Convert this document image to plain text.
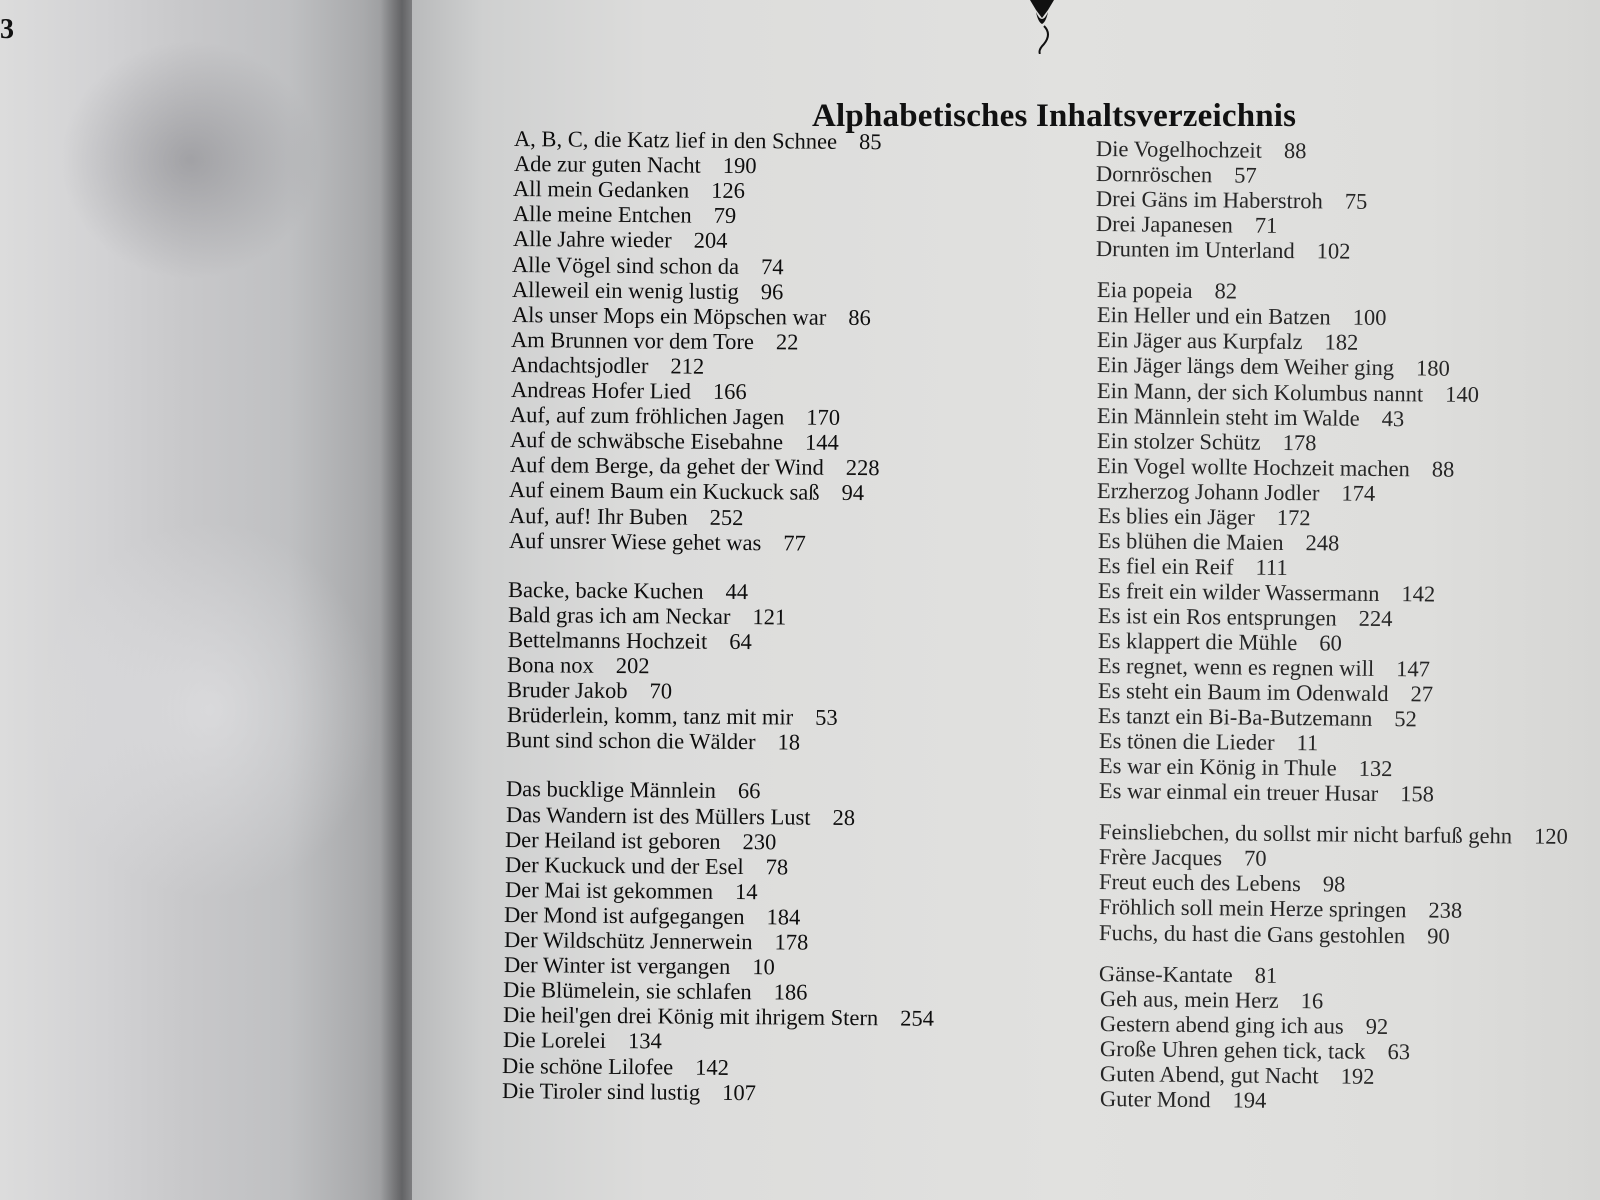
3
Alphabetisches Inhaltsverzeichnis
A, B, C, die Katz lief in den Schnee 85
Ade zur guten Nacht 190
All mein Gedanken 126
Alle meine Entchen 79
Alle Jahre wieder 204
Alle Vögel sind schon da 74
Alleweil ein wenig lustig 96
Als unser Mops ein Möpschen war 86
Am Brunnen vor dem Tore 22
Andachtsjodler 212
Andreas Hofer Lied 166
Auf, auf zum fröhlichen Jagen 170
Auf de schwäbsche Eisebahne 144
Auf dem Berge, da gehet der Wind 228
Auf einem Baum ein Kuckuck saß 94
Auf, auf! Ihr Buben 252
Auf unsrer Wiese gehet was 77
Backe, backe Kuchen 44
Bald gras ich am Neckar 121
Bettelmanns Hochzeit 64
Bona nox 202
Bruder Jakob 70
Brüderlein, komm, tanz mit mir 53
Bunt sind schon die Wälder 18
Das bucklige Männlein 66
Das Wandern ist des Müllers Lust 28
Der Heiland ist geboren 230
Der Kuckuck und der Esel 78
Der Mai ist gekommen 14
Der Mond ist aufgegangen 184
Der Wildschütz Jennerwein 178
Der Winter ist vergangen 10
Die Blümelein, sie schlafen 186
Die heil'gen drei König mit ihrigem Stern 254
Die Lorelei 134
Die schöne Lilofee 142
Die Tiroler sind lustig 107
Die Vogelhochzeit 88
Dornröschen 57
Drei Gäns im Haberstroh 75
Drei Japanesen 71
Drunten im Unterland 102
Eia popeia 82
Ein Heller und ein Batzen 100
Ein Jäger aus Kurpfalz 182
Ein Jäger längs dem Weiher ging 180
Ein Mann, der sich Kolumbus nannt 140
Ein Männlein steht im Walde 43
Ein stolzer Schütz 178
Ein Vogel wollte Hochzeit machen 88
Erzherzog Johann Jodler 174
Es blies ein Jäger 172
Es blühen die Maien 248
Es fiel ein Reif 111
Es freit ein wilder Wassermann 142
Es ist ein Ros entsprungen 224
Es klappert die Mühle 60
Es regnet, wenn es regnen will 147
Es steht ein Baum im Odenwald 27
Es tanzt ein Bi-Ba-Butzemann 52
Es tönen die Lieder 11
Es war ein König in Thule 132
Es war einmal ein treuer Husar 158
Feinsliebchen, du sollst mir nicht barfuß gehn 120
Frère Jacques 70
Freut euch des Lebens 98
Fröhlich soll mein Herze springen 238
Fuchs, du hast die Gans gestohlen 90
Gänse-Kantate 81
Geh aus, mein Herz 16
Gestern abend ging ich aus 92
Große Uhren gehen tick, tack 63
Guten Abend, gut Nacht 192
Guter Mond 194
